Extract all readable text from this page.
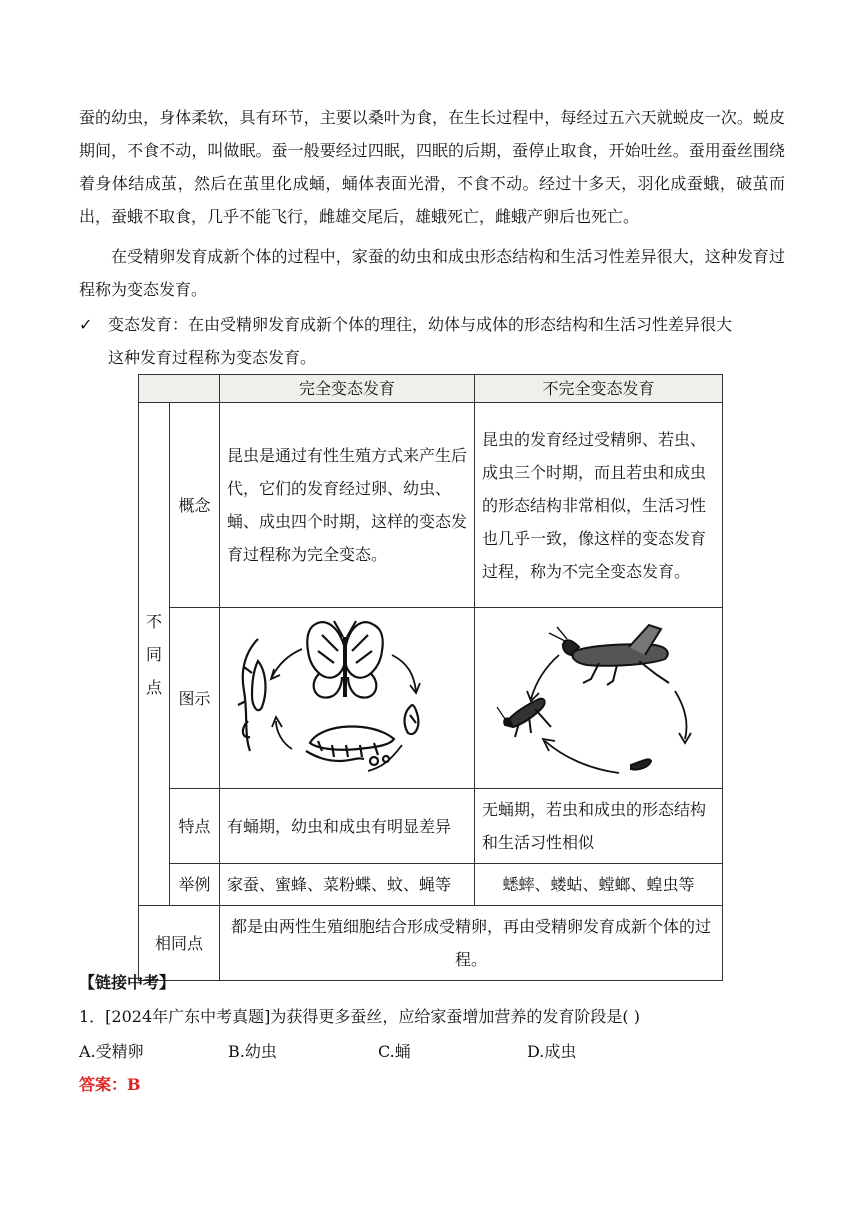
蚕的幼虫，身体柔软，具有环节，主要以桑叶为食，在生长过程中，每经过五六天就蜕皮一次。蜕皮期间，不食不动，叫做眠。蚕一般要经过四眠，四眠的后期，蚕停止取食，开始吐丝。蚕用蚕丝围绕着身体结成茧，然后在茧里化成蛹，蛹体表面光滑，不食不动。经过十多天，羽化成蚕蛾，破茧而出，蚕蛾不取食，几乎不能飞行，雌雄交尾后，雄蛾死亡，雌蛾产卵后也死亡。

在受精卵发育成新个体的过程中，家蚕的幼虫和成虫形态结构和生活习性差异很大，这种发育过程称为变态发育。

✓ 变态发育：在由受精卵发育成新个体的理往，幼体与成体的形态结构和生活习性差异很大
这种发育过程称为变态发育。
		完全变态发育	不完全变态发育

不
同
点	概念	昆虫是通过有性生殖方式来产生后代，它们的发育经过卵、幼虫、蛹、成虫四个时期，这样的变态发育过程称为完全变态。	昆虫的发育经过受精卵、若虫、成虫三个时期，而且若虫和成虫的形态结构非常相似，生活习性也几乎一致，像这样的变态发育过程，称为不完全变态发育。
	图示	

	特点	有蛹期，幼虫和成虫有明显差异	无蛹期，若虫和成虫的形态结构和生活习性相似
	举例	家蚕、蜜蜂、菜粉蝶、蚊、蝇等	蟋蟀、蝼蛄、螳螂、蝗虫等
相同点		都是由两性生殖细胞结合形成受精卵，再由受精卵发育成新个体的过程。	
【链接中考】
1．[2024年广东中考真题]为获得更多蚕丝，应给家蚕增加营养的发育阶段是( )
A.受精卵	B.幼虫	C.蛹	D.成虫
答案：B
